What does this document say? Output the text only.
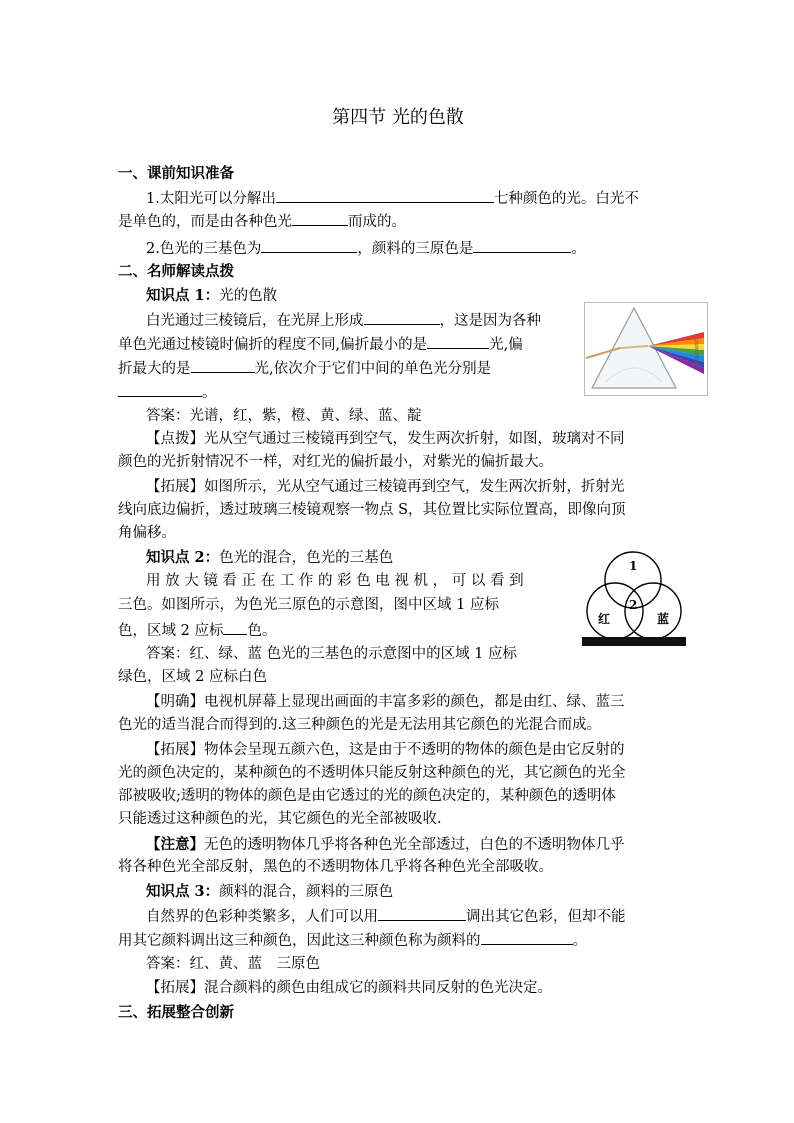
第四节 光的色散
一、课前知识准备
1.太阳光可以分解出	七种颜色的光。白光不
是单色的，而是由各种色光	而成的。
2.色光的三基色为	，颜料的三原色是	。
二、名师解读点拨
知识点 1：光的色散
白光通过三棱镜后，在光屏上形成	，这是因为各种
单色光通过棱镜时偏折的程度不同,偏折最小的是	光,偏
折最大的是	光,依次介于它们中间的单色光分别是
。
答案：光谱，红，紫，橙、黄、绿、蓝、靛
【点拨】光从空气通过三棱镜再到空气，发生两次折射，如图，玻璃对不同
颜色的光折射情况不一样，对红光的偏折最小，对紫光的偏折最大。
【拓展】如图所示，光从空气通过三棱镜再到空气，发生两次折射，折射光
线向底边偏折，透过玻璃三棱镜观察一物点 S，其位置比实际位置高，即像向顶
角偏移。
红橙黄绿蓝靛紫
知识点 2：色光的混合，色光的三基色
用 放 大 镜 看 正 在 工 作 的 彩 色 电 视 机 ， 可 以 看 到
三色。如图所示，为色光三原色的示意图，图中区域 1 应标
色，区域 2 应标 色。
答案：红、绿、蓝 色光的三基色的示意图中的区域 1 应标
绿色，区域 2 应标白色
【明确】电视机屏幕上显现出画面的丰富多彩的颜色，都是由红、绿、蓝三
色光的适当混合而得到的.这三种颜色的光是无法用其它颜色的光混合而成。
【拓展】物体会呈现五颜六色，这是由于不透明的物体的颜色是由它反射的
光的颜色决定的，某种颜色的不透明体只能反射这种颜色的光，其它颜色的光全
部被吸收;透明的物体的颜色是由它透过的光的颜色决定的，某种颜色的透明体
只能透过这种颜色的光，其它颜色的光全部被吸收.
【注意】无色的透明物体几乎将各种色光全部透过，白色的不透明物体几乎
将各种色光全部反射，黑色的不透明物体几乎将各种色光全部吸收。
1
2
红	蓝
知识点 3：颜料的混合，颜料的三原色
自然界的色彩种类繁多，人们可以用	调出其它色彩，但却不能
用其它颜料调出这三种颜色，因此这三种颜色称为颜料的	。
答案：红、黄、蓝　三原色
【拓展】混合颜料的颜色由组成它的颜料共同反射的色光决定。
三、拓展整合创新
